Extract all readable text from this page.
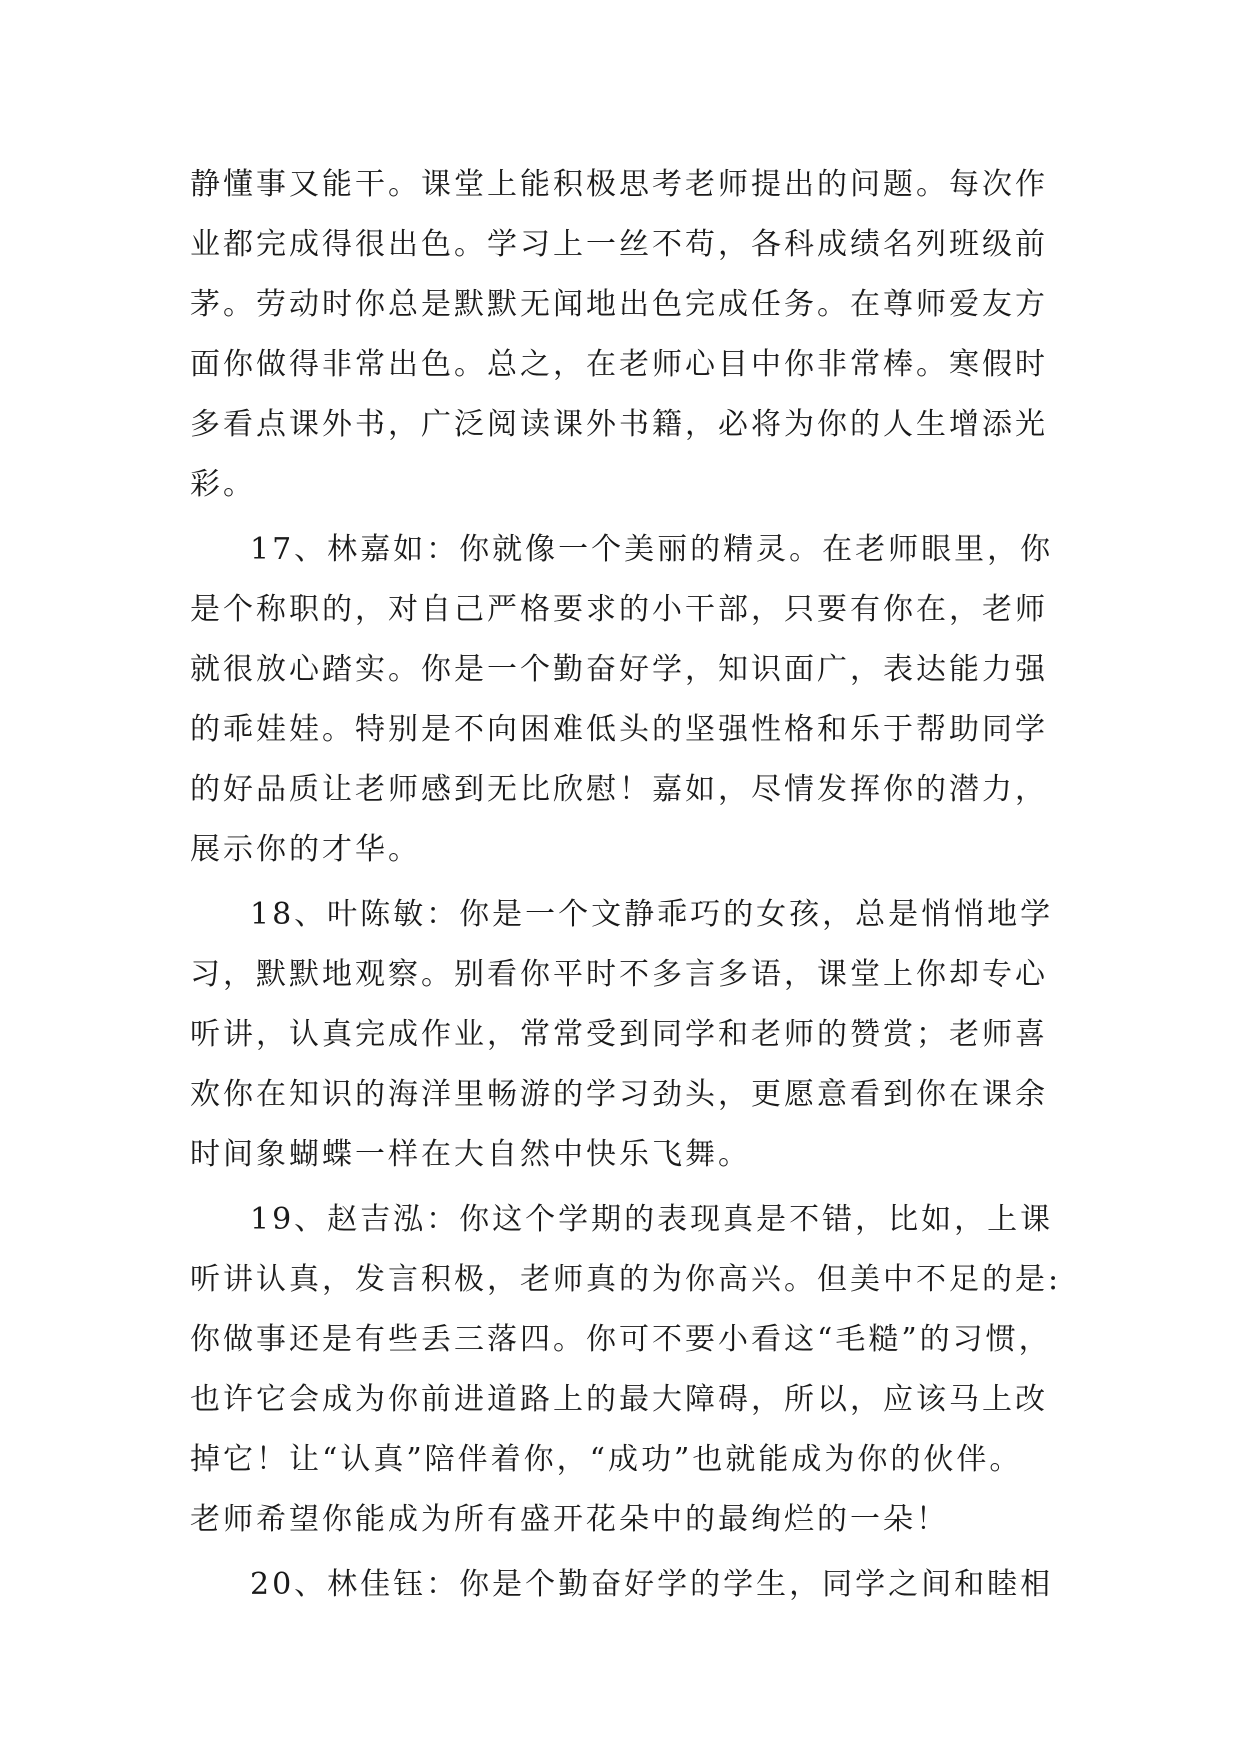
静懂事又能干。课堂上能积极思考老师提出的问题。每次作
业都完成得很出色。学习上一丝不苟，各科成绩名列班级前
茅。劳动时你总是默默无闻地出色完成任务。在尊师爱友方
面你做得非常出色。总之，在老师心目中你非常棒。寒假时
多看点课外书，广泛阅读课外书籍，必将为你的人生增添光
彩。
17、林嘉如：你就像一个美丽的精灵。在老师眼里，你
是个称职的，对自己严格要求的小干部，只要有你在，老师
就很放心踏实。你是一个勤奋好学，知识面广，表达能力强
的乖娃娃。特别是不向困难低头的坚强性格和乐于帮助同学
的好品质让老师感到无比欣慰！嘉如，尽情发挥你的潜力，
展示你的才华。
18、叶陈敏：你是一个文静乖巧的女孩，总是悄悄地学
习，默默地观察。别看你平时不多言多语，课堂上你却专心
听讲，认真完成作业，常常受到同学和老师的赞赏；老师喜
欢你在知识的海洋里畅游的学习劲头，更愿意看到你在课余
时间象蝴蝶一样在大自然中快乐飞舞。
19、赵吉泓：你这个学期的表现真是不错，比如，上课
听讲认真，发言积极，老师真的为你高兴。但美中不足的是:
你做事还是有些丢三落四。你可不要小看这“毛糙”的习惯，
也许它会成为你前进道路上的最大障碍，所以，应该马上改
掉它！让“认真”陪伴着你，“成功”也就能成为你的伙伴。
老师希望你能成为所有盛开花朵中的最绚烂的一朵！
20、林佳钰：你是个勤奋好学的学生，同学之间和睦相
